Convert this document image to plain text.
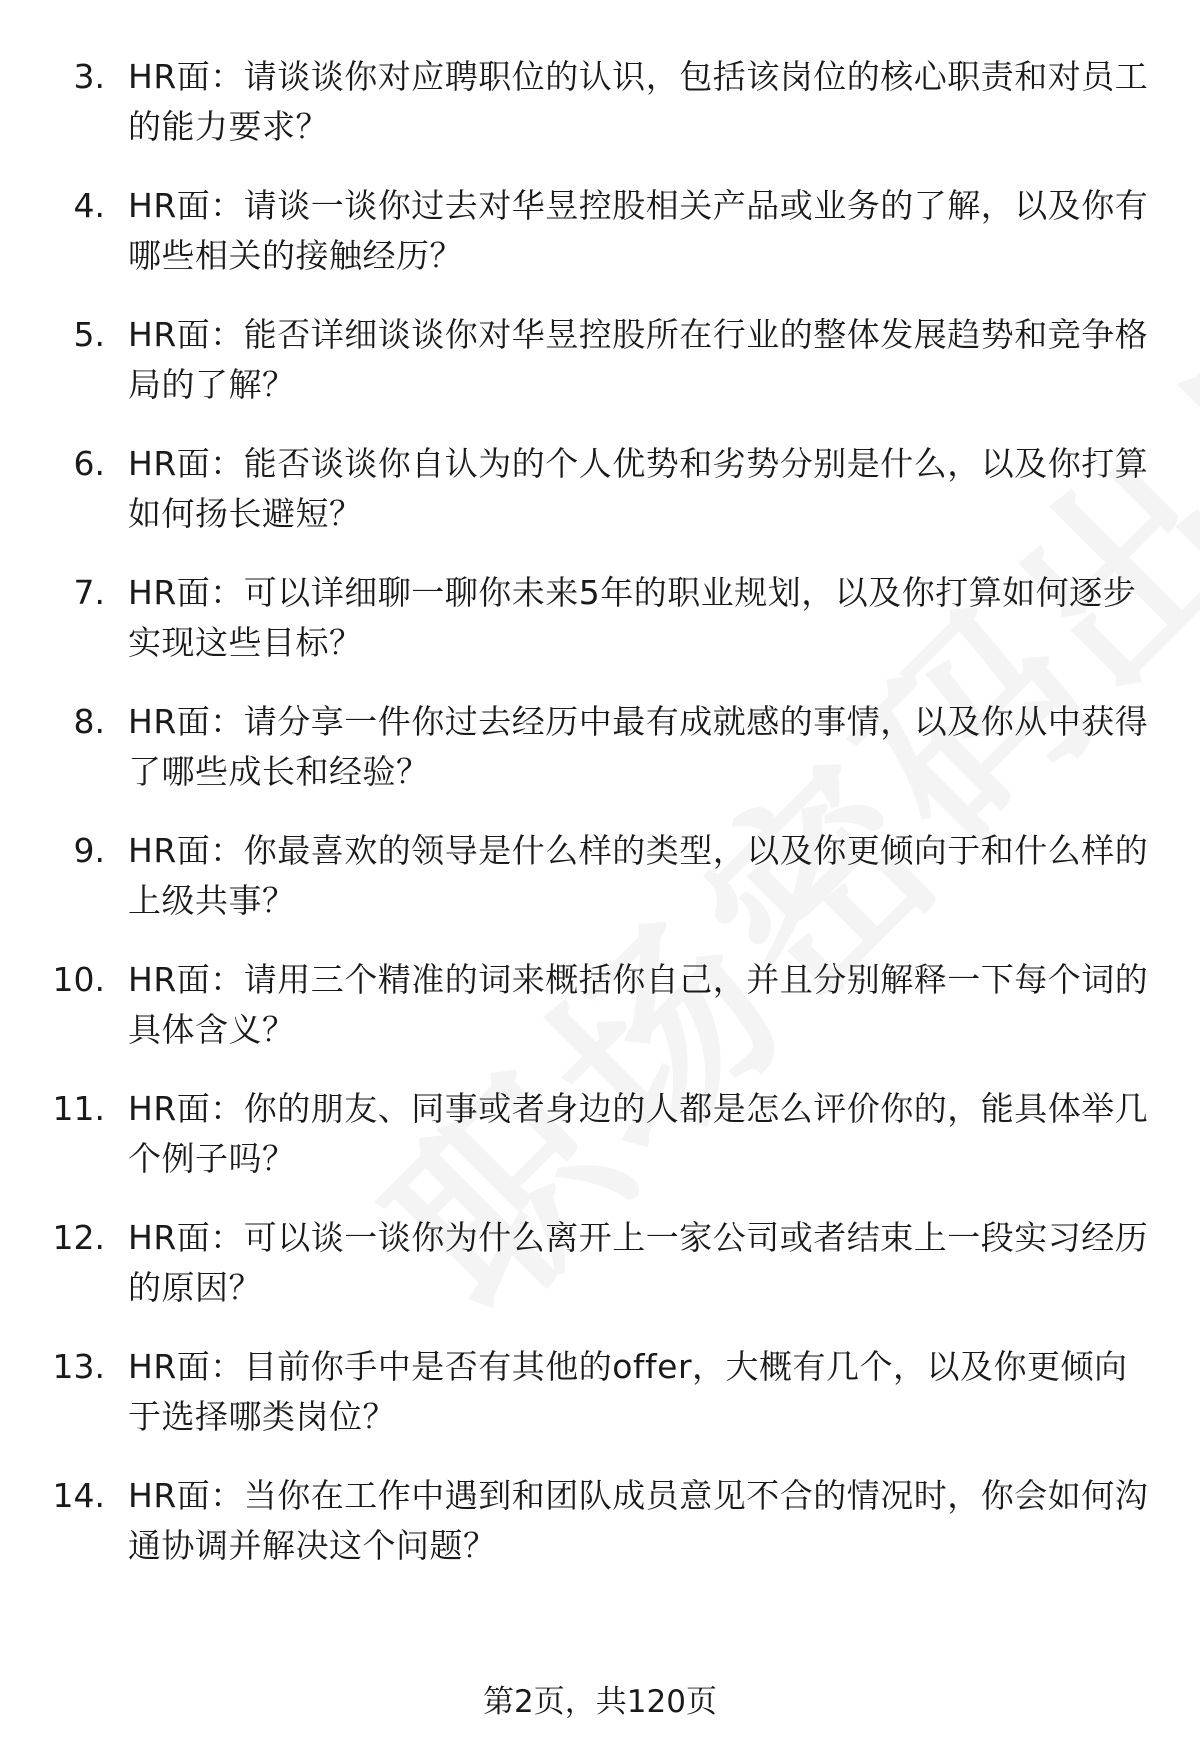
3. HR面：请谈谈你对应聘职位的认识，包括该岗位的核心职责和对员工的能力要求？
4. HR面：请谈一谈你过去对华昱控股相关产品或业务的了解，以及你有哪些相关的接触经历？
5. HR面：能否详细谈谈你对华昱控股所在行业的整体发展趋势和竞争格局的了解？
6. HR面：能否谈谈你自认为的个人优势和劣势分别是什么，以及你打算如何扬长避短？
7. HR面：可以详细聊一聊你未来5年的职业规划，以及你打算如何逐步实现这些目标？
8. HR面：请分享一件你过去经历中最有成就感的事情，以及你从中获得了哪些成长和经验？
9. HR面：你最喜欢的领导是什么样的类型，以及你更倾向于和什么样的上级共事？
10. HR面：请用三个精准的词来概括你自己，并且分别解释一下每个词的具体含义？
11. HR面：你的朋友、同事或者身边的人都是怎么评价你的，能具体举几个例子吗？
12. HR面：可以谈一谈你为什么离开上一家公司或者结束上一段实习经历的原因？
13. HR面：目前你手中是否有其他的offer，大概有几个，以及你更倾向于选择哪类岗位？
14. HR面：当你在工作中遇到和团队成员意见不合的情况时，你会如何沟通协调并解决这个问题？
第2页，共120页
